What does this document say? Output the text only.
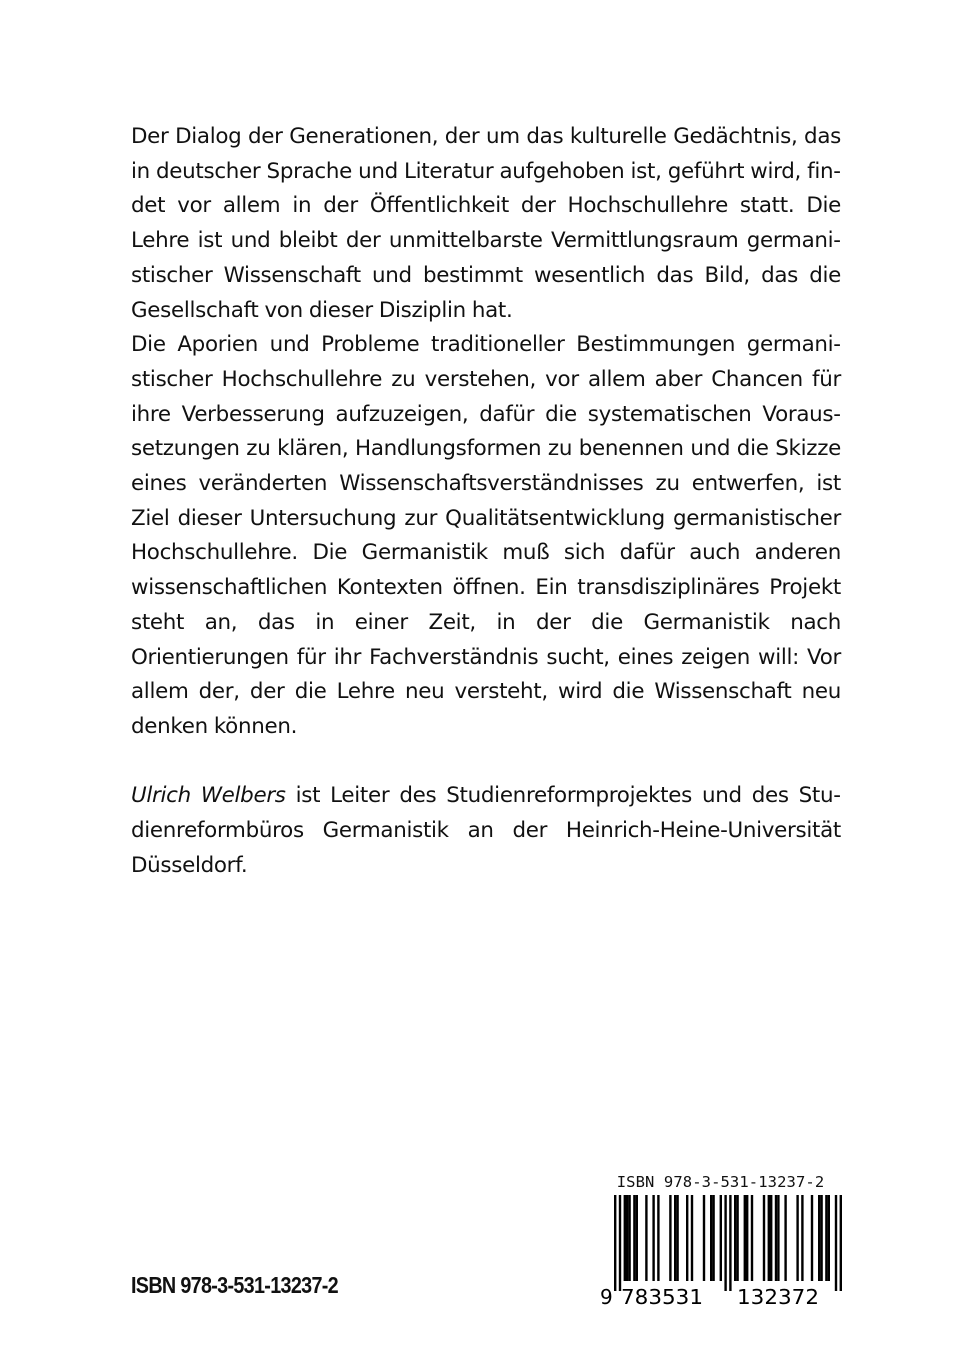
Der Dialog der Generationen, der um das kulturelle Gedächtnis, das in deutscher Sprache und Literatur aufgehoben ist, geführt wird, findet vor allem in der Öffentlichkeit der Hochschullehre statt. Die Lehre ist und bleibt der unmittelbarste Vermittlungsraum germanistischer Wissenschaft und bestimmt wesentlich das Bild, das die Gesellschaft von dieser Disziplin hat.

Die Aporien und Probleme traditioneller Bestimmungen germanistischer Hochschullehre zu verstehen, vor allem aber Chancen für ihre Verbesserung aufzuzeigen, dafür die systematischen Voraussetzungen zu klären, Handlungsformen zu benennen und die Skizze eines veränderten Wissenschaftsverständnisses zu entwerfen, ist Ziel dieser Untersuchung zur Qualitätsentwicklung germanistischer Hochschullehre. Die Germanistik muß sich dafür auch anderen wissenschaftlichen Kontexten öffnen. Ein transdisziplinäres Projekt steht an, das in einer Zeit, in der die Germanistik nach Orientierungen für ihr Fachverständnis sucht, eines zeigen will: Vor allem der, der die Lehre neu versteht, wird die Wissenschaft neu denken können.

Ulrich Welbers ist Leiter des Studienreformprojektes und des Studienreformbüros Germanistik an der Heinrich-Heine-Universität Düsseldorf.

ISBN 978-3-531-13237-2
ISBN 978-3-531-13237-2
9 783531 132372
